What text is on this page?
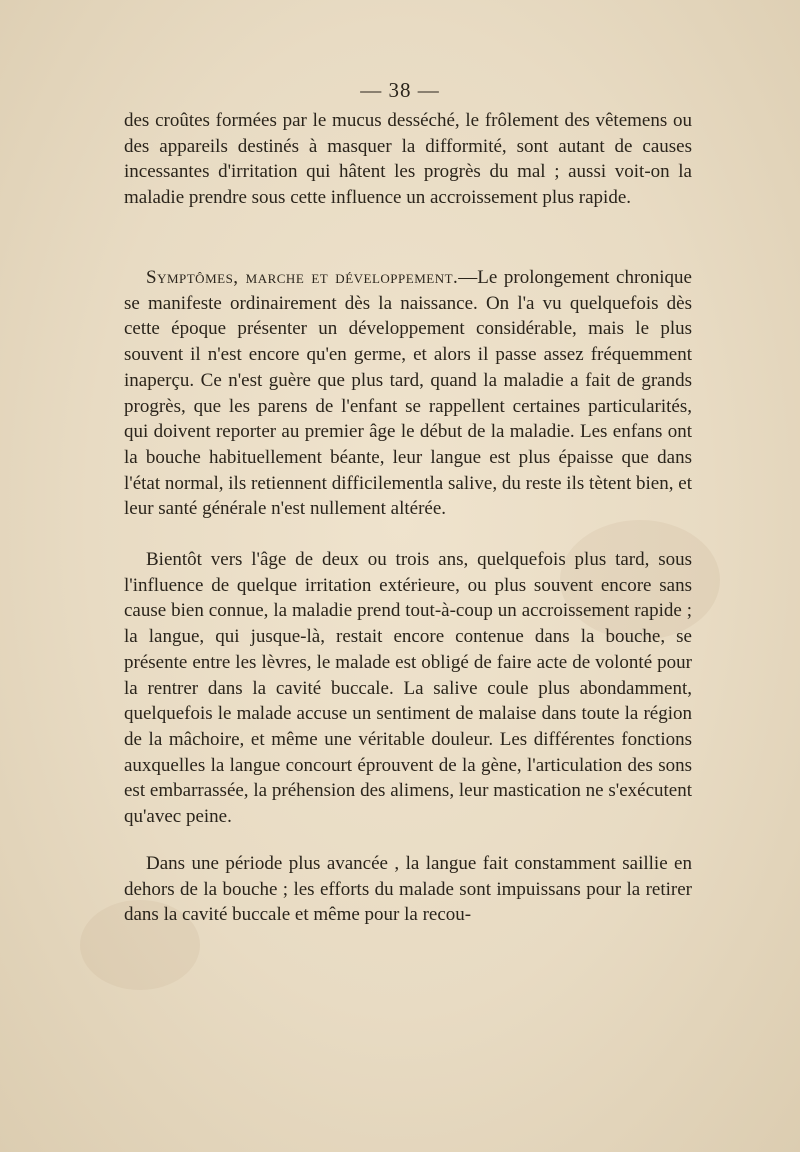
— 38 —

des croûtes formées par le mucus desséché, le frôlement des vêtemens ou des appareils destinés à masquer la difformité, sont autant de causes incessantes d'irritation qui hâtent les progrès du mal ; aussi voit-on la maladie prendre sous cette influence un accroissement plus rapide.

Symptômes, marche et développement.—Le prolongement chronique se manifeste ordinairement dès la naissance. On l'a vu quelquefois dès cette époque présenter un développement considérable, mais le plus souvent il n'est encore qu'en germe, et alors il passe assez fréquemment inaperçu. Ce n'est guère que plus tard, quand la maladie a fait de grands progrès, que les parens de l'enfant se rappellent certaines particularités, qui doivent reporter au premier âge le début de la maladie. Les enfans ont la bouche habituellement béante, leur langue est plus épaisse que dans l'état normal, ils retiennent difficilementla salive, du reste ils tètent bien, et leur santé générale n'est nullement altérée.

Bientôt vers l'âge de deux ou trois ans, quelquefois plus tard, sous l'influence de quelque irritation extérieure, ou plus souvent encore sans cause bien connue, la maladie prend tout-à-coup un accroissement rapide ; la langue, qui jusque-là, restait encore contenue dans la bouche, se présente entre les lèvres, le malade est obligé de faire acte de volonté pour la rentrer dans la cavité buccale. La salive coule plus abondamment, quelquefois le malade accuse un sentiment de malaise dans toute la région de la mâchoire, et même une véritable douleur. Les différentes fonctions auxquelles la langue concourt éprouvent de la gène, l'articulation des sons est embarrassée, la préhension des alimens, leur mastication ne s'exécutent qu'avec peine.

Dans une période plus avancée , la langue fait constamment saillie en dehors de la bouche ; les efforts du malade sont impuissans pour la retirer dans la cavité buccale et même pour la recou-
